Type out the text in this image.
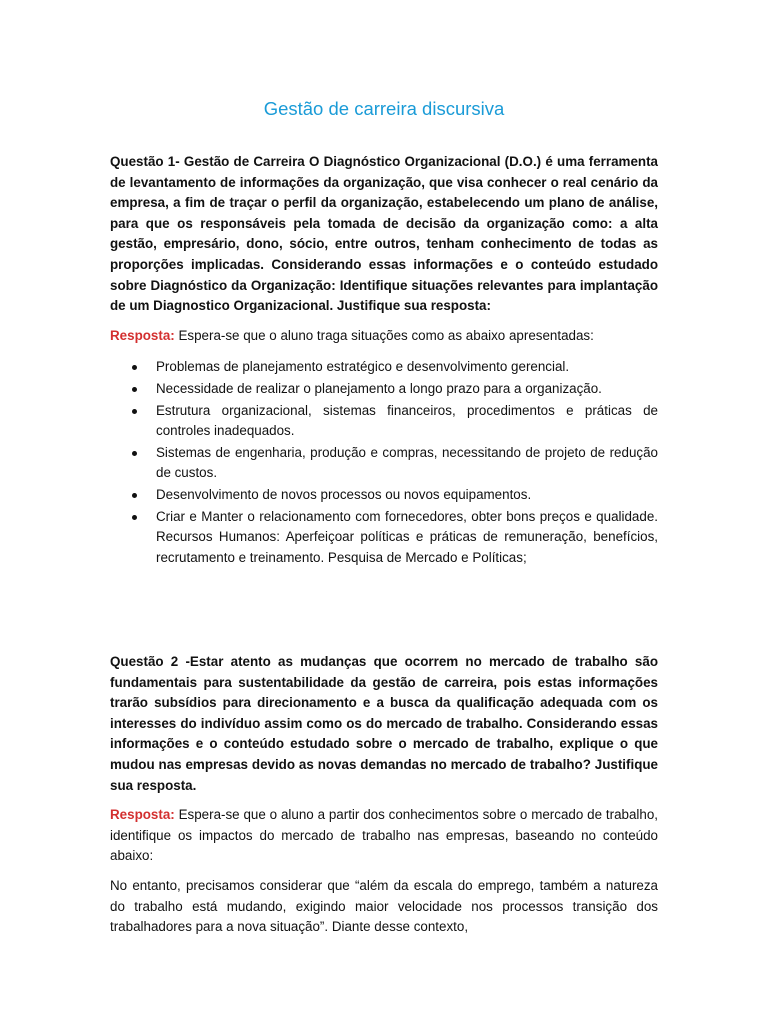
Gestão de carreira discursiva

Questão 1- Gestão de Carreira O Diagnóstico Organizacional (D.O.) é uma ferramenta de levantamento de informações da organização, que visa conhecer o real cenário da empresa, a fim de traçar o perfil da organização, estabelecendo um plano de análise, para que os responsáveis pela tomada de decisão da organização como: a alta gestão, empresário, dono, sócio, entre outros, tenham conhecimento de todas as proporções implicadas. Considerando essas informações e o conteúdo estudado sobre Diagnóstico da Organização: Identifique situações relevantes para implantação de um Diagnostico Organizacional. Justifique sua resposta:

Resposta: Espera-se que o aluno traga situações como as abaixo apresentadas:

Problemas de planejamento estratégico e desenvolvimento gerencial.
Necessidade de realizar o planejamento a longo prazo para a organização.
Estrutura organizacional, sistemas financeiros, procedimentos e práticas de controles inadequados.
Sistemas de engenharia, produção e compras, necessitando de projeto de redução de custos.
Desenvolvimento de novos processos ou novos equipamentos.
Criar e Manter o relacionamento com fornecedores, obter bons preços e qualidade. Recursos Humanos: Aperfeiçoar políticas e práticas de remuneração, benefícios, recrutamento e treinamento. Pesquisa de Mercado e Políticas;

Questão 2 -Estar atento as mudanças que ocorrem no mercado de trabalho são fundamentais para sustentabilidade da gestão de carreira, pois estas informações trarão subsídios para direcionamento e a busca da qualificação adequada com os interesses do indivíduo assim como os do mercado de trabalho. Considerando essas informações e o conteúdo estudado sobre o mercado de trabalho, explique o que mudou nas empresas devido as novas demandas no mercado de trabalho? Justifique sua resposta.

Resposta: Espera-se que o aluno a partir dos conhecimentos sobre o mercado de trabalho, identifique os impactos do mercado de trabalho nas empresas, baseando no conteúdo abaixo:

No entanto, precisamos considerar que “além da escala do emprego, também a natureza do trabalho está mudando, exigindo maior velocidade nos processos transição dos trabalhadores para a nova situação”. Diante desse contexto,
